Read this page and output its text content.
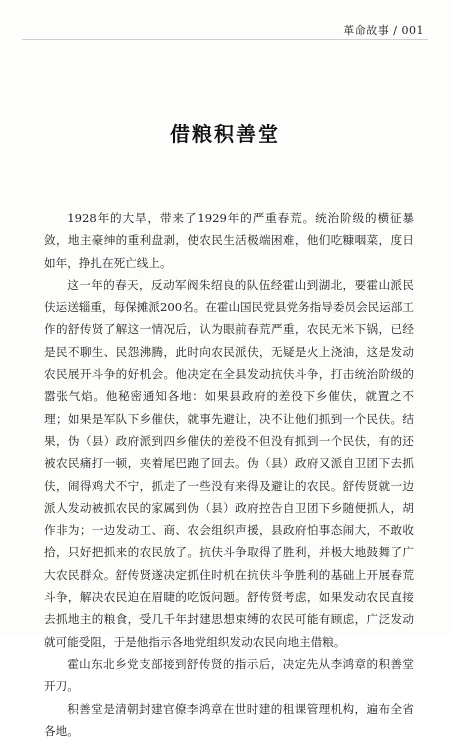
革命故事 / 001
借粮积善堂

1928年的大旱，带来了1929年的严重春荒。统治阶级的横征暴敛，地主豪绅的重利盘剥，使农民生活极端困难，他们吃糠咽菜，度日如年，挣扎在死亡线上。

这一年的春天，反动军阀朱绍良的队伍经霍山到湖北，要霍山派民伕运送辎重，每保摊派200名。在霍山国民党县党务指导委员会民运部工作的舒传贤了解这一情况后，认为眼前春荒严重，农民无米下锅，已经是民不聊生、民怨沸腾，此时向农民派伕，无疑是火上浇油，这是发动农民展开斗争的好机会。他决定在全县发动抗伕斗争，打击统治阶级的嚣张气焰。他秘密通知各地：如果县政府的差役下乡催伕，就置之不理；如果是军队下乡催伕，就事先避让，决不让他们抓到一个民伕。结果，伪（县）政府派到四乡催伕的差役不但没有抓到一个民伕，有的还被农民痛打一顿，夹着尾巴跑了回去。伪（县）政府又派自卫团下去抓伕，闹得鸡犬不宁，抓走了一些没有来得及避让的农民。舒传贤就一边派人发动被抓农民的家属到伪（县）政府控告自卫团下乡随便抓人，胡作非为；一边发动工、商、农会组织声援，县政府怕事态闹大，不敢收拾，只好把抓来的农民放了。抗伕斗争取得了胜利，并极大地鼓舞了广大农民群众。舒传贤遂决定抓住时机在抗伕斗争胜利的基础上开展春荒斗争，解决农民迫在眉睫的吃饭问题。舒传贤考虑，如果发动农民直接去抓地主的粮食，受几千年封建思想束缚的农民可能有顾虑，广泛发动就可能受阻，于是他指示各地党组织发动农民向地主借粮。

霍山东北乡党支部接到舒传贤的指示后，决定先从李鸿章的积善堂开刀。

积善堂是清朝封建官僚李鸿章在世时建的租课管理机构，遍布全省各地。
